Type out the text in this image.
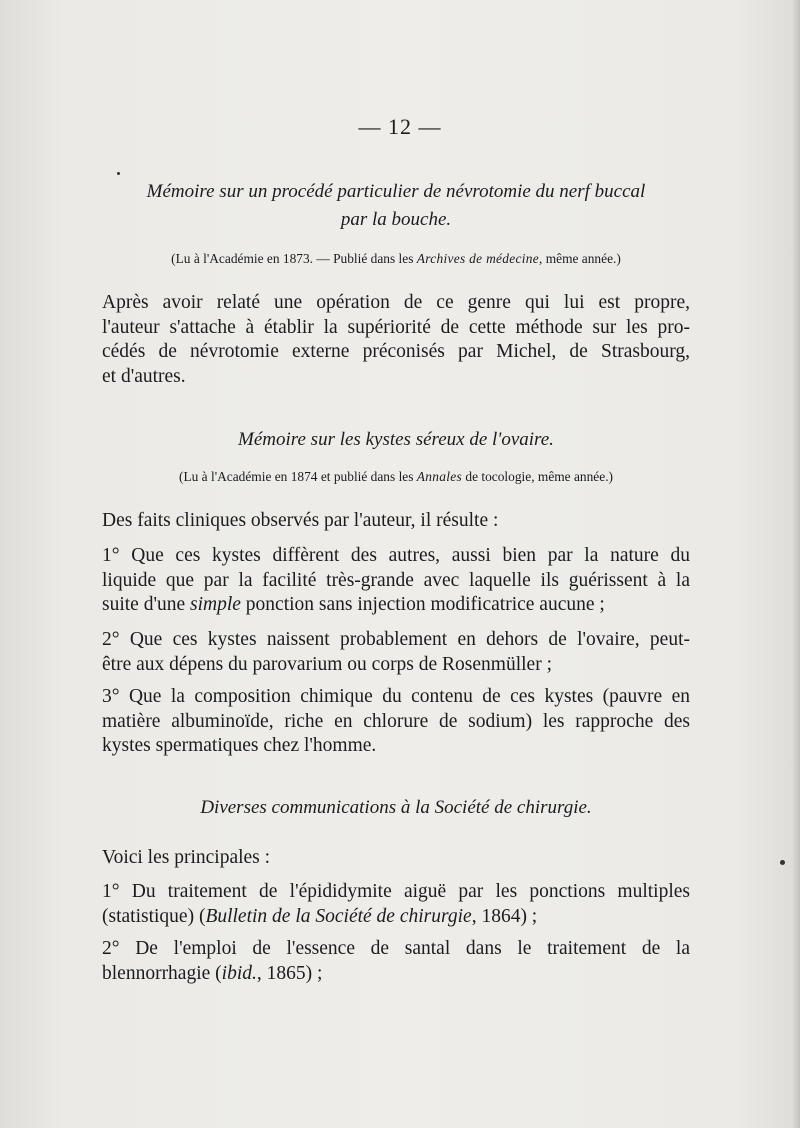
— 12 —

Mémoire sur un procédé particulier de névrotomie du nerf buccal
par la bouche.

(Lu à l'Académie en 1873. — Publié dans les Archives de médecine, même année.)

Après avoir relaté une opération de ce genre qui lui est propre,
l'auteur s'attache à établir la supériorité de cette méthode sur les pro-
cédés de névrotomie externe préconisés par Michel, de Strasbourg,
et d'autres.

Mémoire sur les kystes séreux de l'ovaire.

(Lu à l'Académie en 1874 et publié dans les Annales de tocologie, même année.)

Des faits cliniques observés par l'auteur, il résulte :

1° Que ces kystes diffèrent des autres, aussi bien par la nature du
liquide que par la facilité très-grande avec laquelle ils guérissent à la
suite d'une simple ponction sans injection modificatrice aucune ;

2° Que ces kystes naissent probablement en dehors de l'ovaire, peut-
être aux dépens du parovarium ou corps de Rosenmüller ;

3° Que la composition chimique du contenu de ces kystes (pauvre en
matière albuminoïde, riche en chlorure de sodium) les rapproche des
kystes spermatiques chez l'homme.

Diverses communications à la Société de chirurgie.

Voici les principales :

1° Du traitement de l'épididymite aiguë par les ponctions multiples
(statistique) (Bulletin de la Société de chirurgie, 1864) ;

2° De l'emploi de l'essence de santal dans le traitement de la
blennorrhagie (ibid., 1865) ;
